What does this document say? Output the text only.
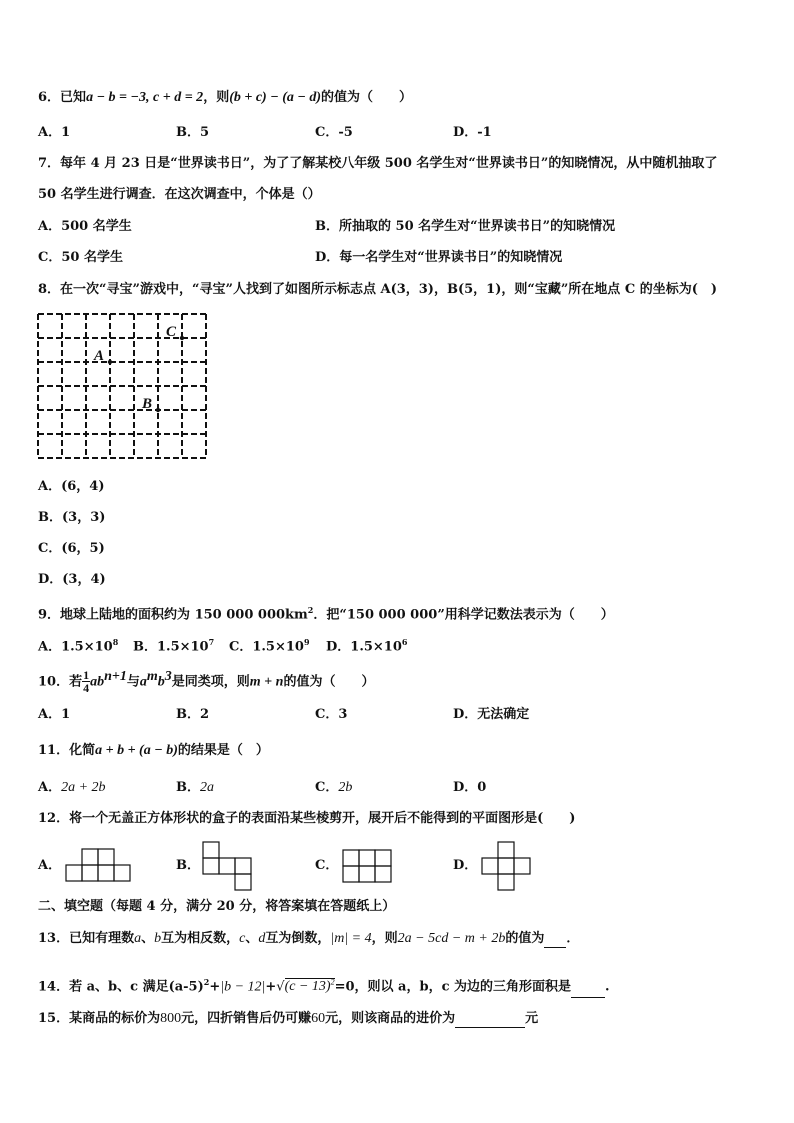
6．已知a − b = −3, c + d = 2，则(b + c) − (a − d)的值为（　　）
A．1	B．5	C．-5	D．-1
7．每年 4 月 23 日是“世界读书日”，为了了解某校八年级 500 名学生对“世界读书日”的知晓情况，从中随机抽取了
50 名学生进行调查．在这次调查中，个体是（）
A．500 名学生	B．所抽取的 50 名学生对“世界读书日”的知晓情况
C．50 名学生	D．每一名学生对“世界读书日”的知晓情况
8．在一次“寻宝”游戏中，“寻宝”人找到了如图所示标志点 A(3，3)，B(5，1)，则“宝藏”所在地点 C 的坐标为(　)
C
A
B
A．(6，4)
B．(3，3)
C．(6，5)
D．(3，4)
9．地球上陆地的面积约为 150 000 $000km^2$．把“150 000 000”用科学记数法表示为（　　）
A．$1.5\times 10^8$ B．$1.5\times 10^7$ C．$1.5\times 10^9$ D．$1.5\times 10^6$
10．若 $\frac{1}{4} ab^{n+1}$与$a^mb^3$是同类项，则m + n的值为（　　）
A．1	B．2	C．3	D．无法确定
11．化简a + b + (a − b)的结果是（　）
A．2a + 2b	B．2a	C．2b	D．0
12．将一个无盖正方体形状的盒子的表面沿某些棱剪开，展开后不能得到的平面图形是(　　)
A．	B．	C．	D．
二、填空题（每题 4 分，满分 20 分，将答案填在答题纸上）
13．已知有理数a、b互为相反数，c、d互为倒数，|m| = 4，则2a − 5cd − m + 2b的值为 ．
14．若 a、b、c 满足$(a-5)^2+|b - 12|+√(c - 13)^2=0$，则以 a，b，c 为边的三角形面积是	.
15．某商品的标价为800元，四折销售后仍可赚60元，则该商品的进价为	元
